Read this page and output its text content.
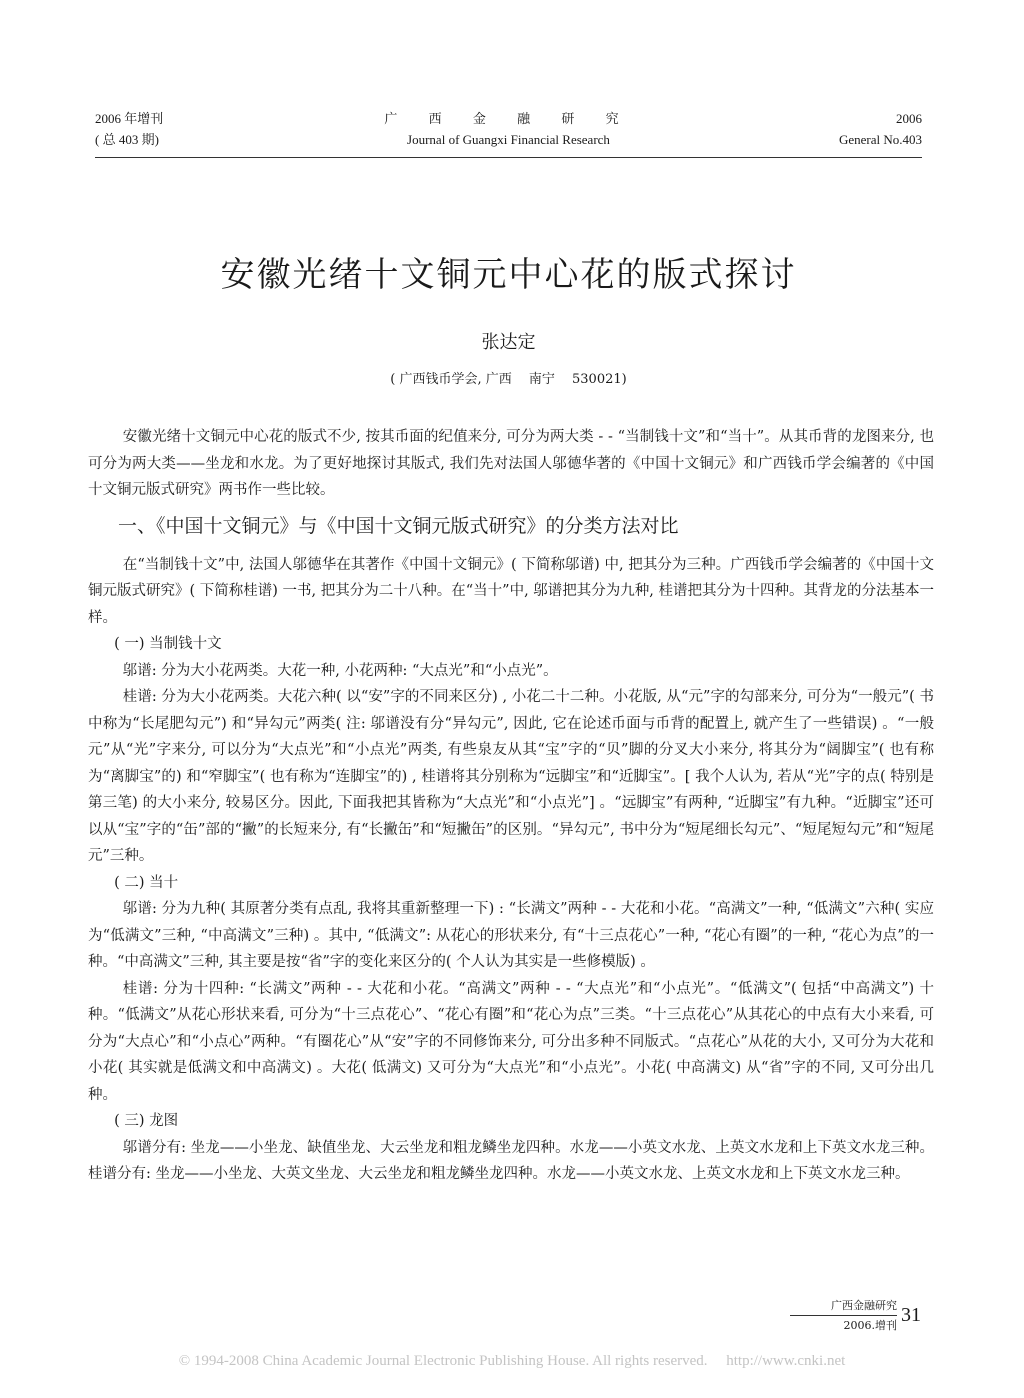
2006 年增刊
( 总 403 期)
广 西 金 融 研 究
Journal of Guangxi Financial Research
2006
General No.403
安徽光绪十文铜元中心花的版式探讨
张达定
( 广西钱币学会, 广西　 南宁　 530021)

安徽光绪十文铜元中心花的版式不少, 按其币面的纪值来分, 可分为两大类 - - “当制钱十文”和“当十”。从其币背的龙图来分, 也可分为两大类——坐龙和水龙。为了更好地探讨其版式, 我们先对法国人邬德华著的《中国十文铜元》和广西钱币学会编著的《中国十文铜元版式研究》两书作一些比较。

一、《中国十文铜元》与《中国十文铜元版式研究》的分类方法对比

在“当制钱十文”中, 法国人邬德华在其著作《中国十文铜元》( 下简称邬谱) 中, 把其分为三种。广西钱币学会编著的《中国十文铜元版式研究》( 下简称桂谱) 一书, 把其分为二十八种。在“当十”中, 邬谱把其分为九种, 桂谱把其分为十四种。其背龙的分法基本一样。

( 一) 当制钱十文

邬谱: 分为大小花两类。大花一种, 小花两种: “大点光”和“小点光”。

桂谱: 分为大小花两类。大花六种( 以“安”字的不同来区分) , 小花二十二种。小花版, 从“元”字的勾部来分, 可分为“一般元”( 书中称为“长尾肥勾元”) 和“异勾元”两类( 注: 邬谱没有分“异勾元”, 因此, 它在论述币面与币背的配置上, 就产生了一些错误) 。“一般元”从“光”字来分, 可以分为“大点光”和“小点光”两类, 有些泉友从其“宝”字的“贝”脚的分叉大小来分, 将其分为“阔脚宝”( 也有称为“离脚宝”的) 和“窄脚宝”( 也有称为“连脚宝”的) , 桂谱将其分别称为“远脚宝”和“近脚宝”。[ 我个人认为, 若从“光”字的点( 特别是第三笔) 的大小来分, 较易区分。因此, 下面我把其皆称为“大点光”和“小点光”] 。“远脚宝”有两种, “近脚宝”有九种。“近脚宝”还可以从“宝”字的“缶”部的“撇”的长短来分, 有“长撇缶”和“短撇缶”的区别。“异勾元”, 书中分为“短尾细长勾元”、“短尾短勾元”和“短尾元”三种。

( 二) 当十

邬谱: 分为九种( 其原著分类有点乱, 我将其重新整理一下) : “长满文”两种 - - 大花和小花。“高满文”一种, “低满文”六种( 实应为“低满文”三种, “中高满文”三种) 。其中, “低满文”: 从花心的形状来分, 有“十三点花心”一种, “花心有圈”的一种, “花心为点”的一种。“中高满文”三种, 其主要是按“省”字的变化来区分的( 个人认为其实是一些修模版) 。

桂谱: 分为十四种: “长满文”两种 - - 大花和小花。“高满文”两种 - - “大点光”和“小点光”。“低满文”( 包括“中高满文”) 十种。“低满文”从花心形状来看, 可分为“十三点花心”、“花心有圈”和“花心为点”三类。“十三点花心”从其花心的中点有大小来看, 可分为“大点心”和“小点心”两种。“有圈花心”从“安”字的不同修饰来分, 可分出多种不同版式。“点花心”从花的大小, 又可分为大花和小花( 其实就是低满文和中高满文) 。大花( 低满文) 又可分为“大点光”和“小点光”。小花( 中高满文) 从“省”字的不同, 又可分出几种。

( 三) 龙图

邬谱分有: 坐龙——小坐龙、缺值坐龙、大云坐龙和粗龙鳞坐龙四种。水龙——小英文水龙、上英文水龙和上下英文水龙三种。桂谱分有: 坐龙——小坐龙、大英文坐龙、大云坐龙和粗龙鳞坐龙四种。水龙——小英文水龙、上英文水龙和上下英文水龙三种。

广西金融研究
2006.增刊 31
© 1994-2008 China Academic Journal Electronic Publishing House. All rights reserved.　 http://www.cnki.net
